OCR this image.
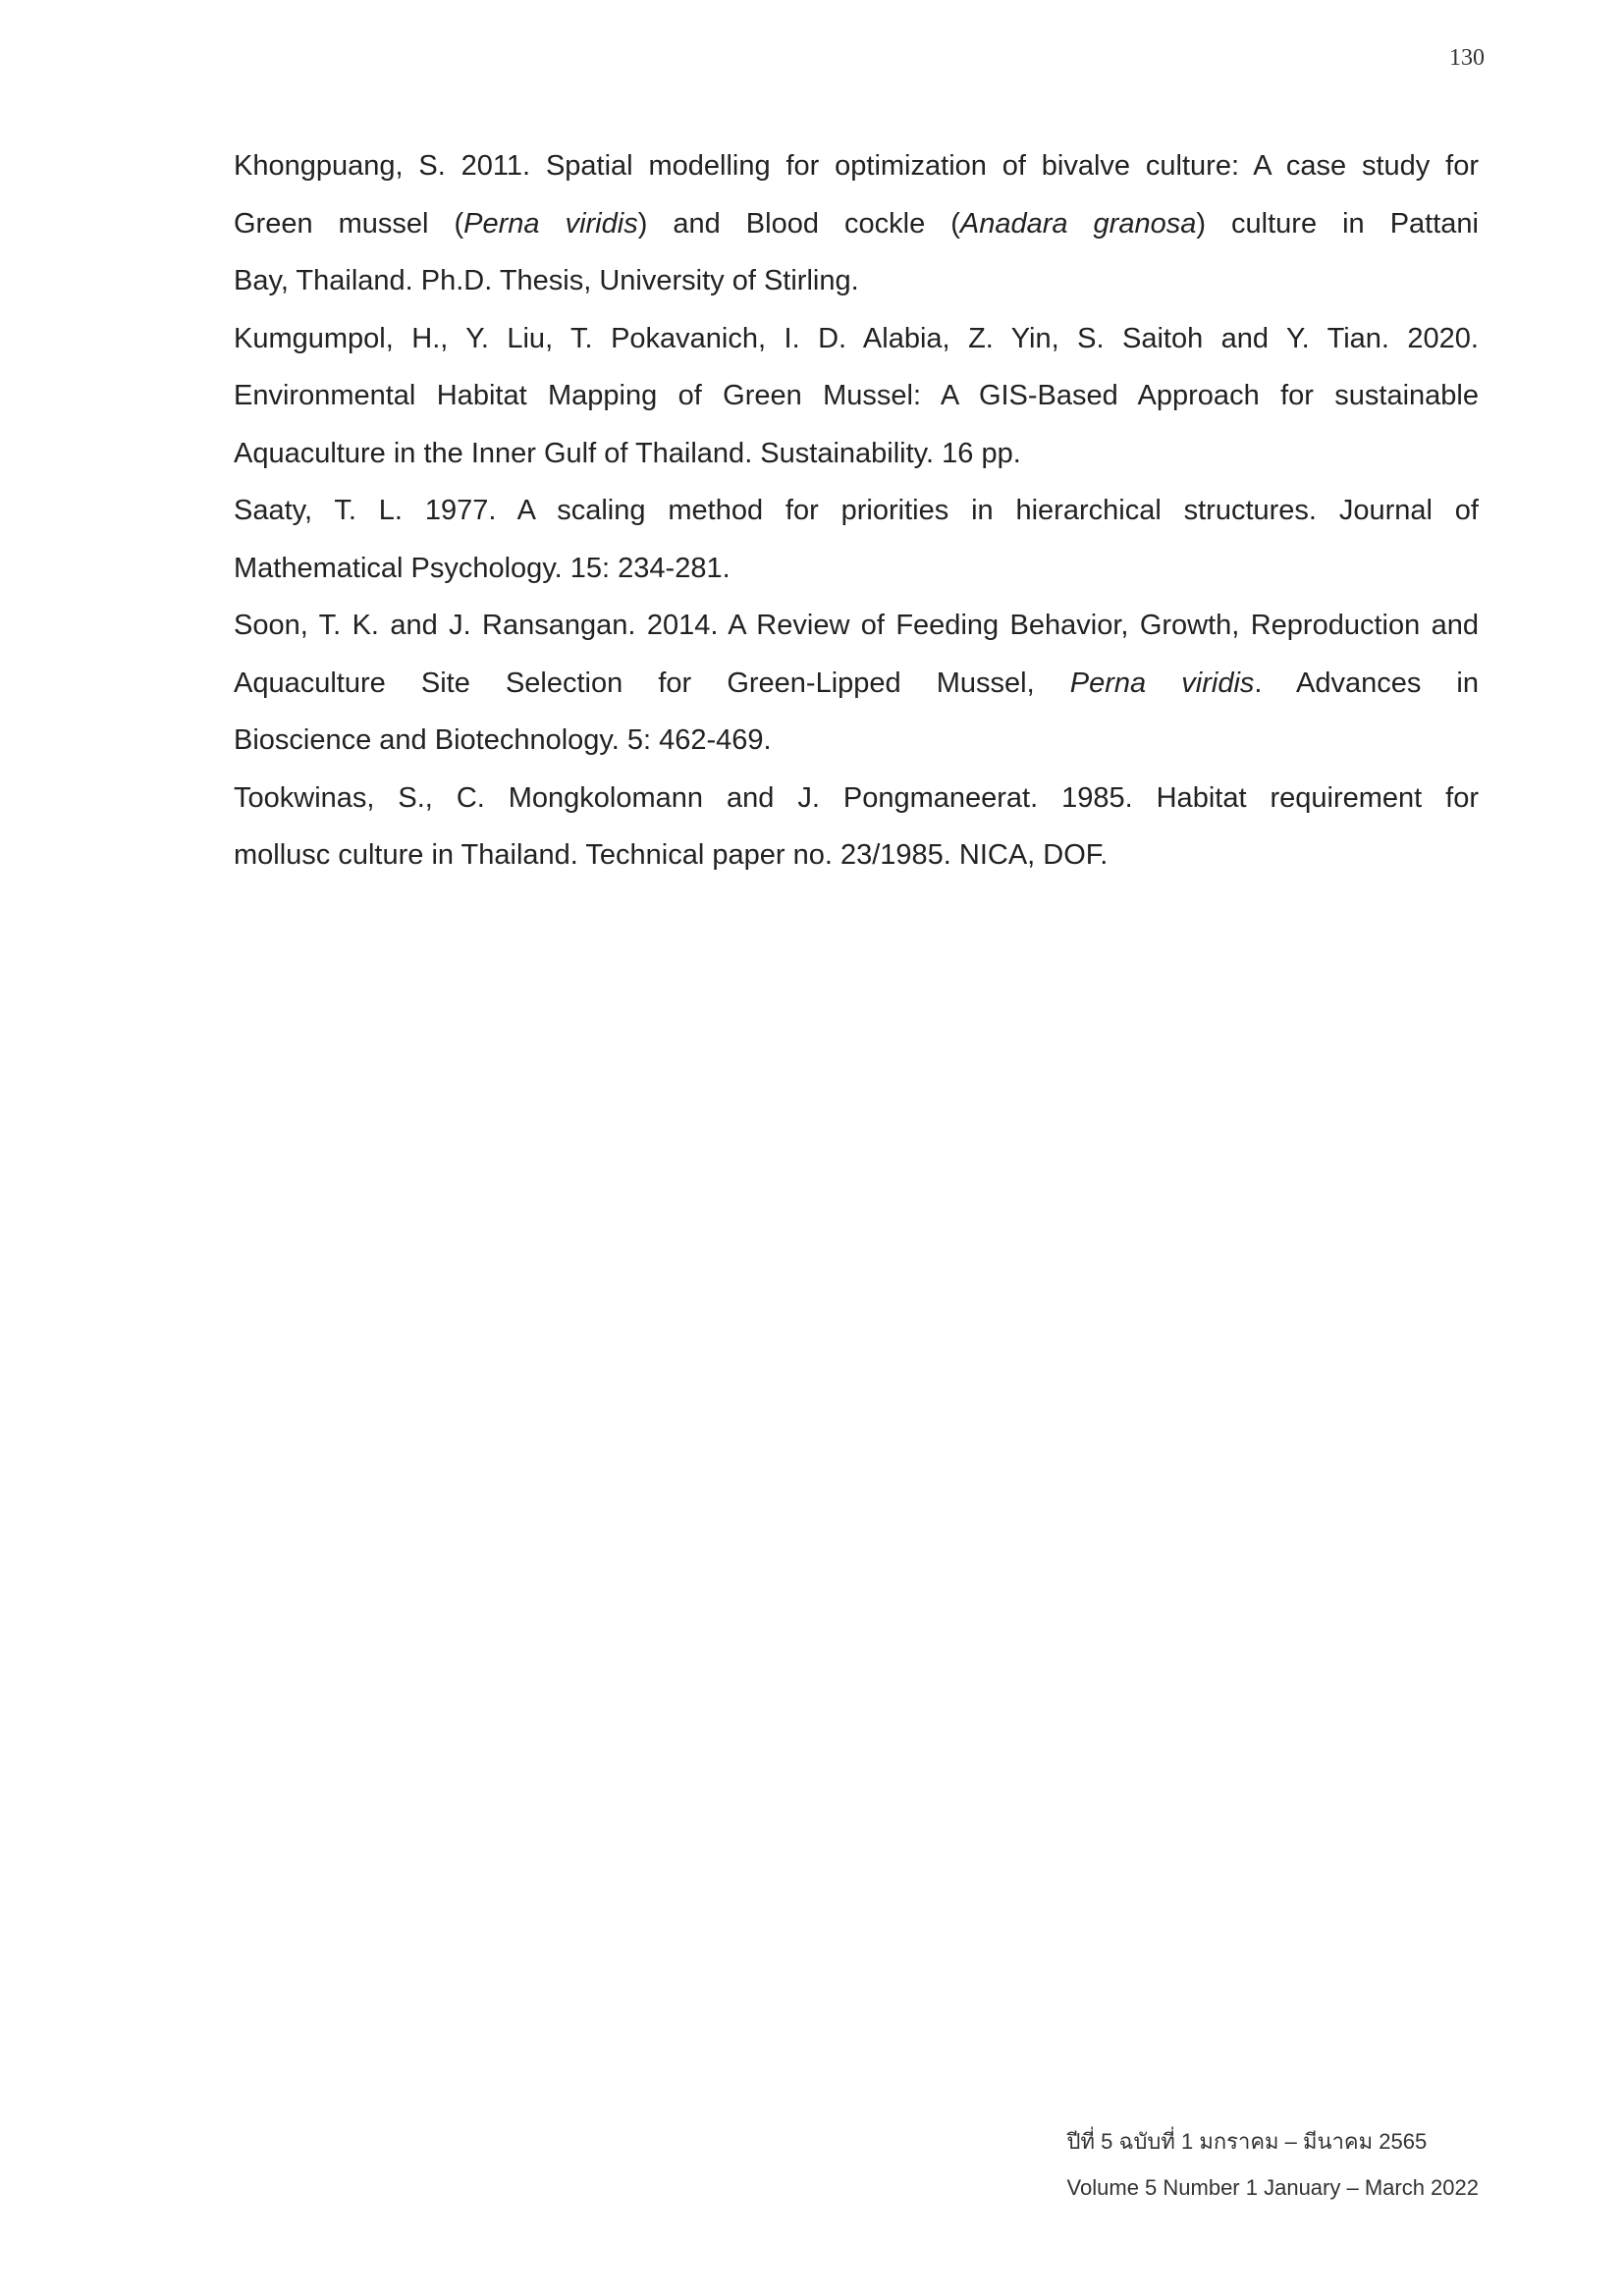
130

Khongpuang, S. 2011. Spatial modelling for optimization of bivalve culture: A case study for
Green mussel (Perna viridis) and Blood cockle (Anadara granosa) culture in Pattani
Bay, Thailand. Ph.D. Thesis, University of Stirling.

Kumgumpol, H., Y. Liu, T. Pokavanich, I. D. Alabia, Z. Yin, S. Saitoh and Y. Tian. 2020.
Environmental Habitat Mapping of Green Mussel: A GIS-Based Approach for sustainable
Aquaculture in the Inner Gulf of Thailand. Sustainability. 16 pp.

Saaty, T. L. 1977. A scaling method for priorities in hierarchical structures. Journal of
Mathematical Psychology. 15: 234-281.

Soon, T. K. and J. Ransangan. 2014. A Review of Feeding Behavior, Growth, Reproduction and
Aquaculture Site Selection for Green-Lipped Mussel, Perna viridis. Advances in
Bioscience and Biotechnology. 5: 462-469.

Tookwinas, S., C. Mongkolomann and J. Pongmaneerat. 1985. Habitat requirement for
mollusc culture in Thailand. Technical paper no. 23/1985. NICA, DOF.

ปีที่ 5 ฉบับที่ 1 มกราคม – มีนาคม 2565
Volume 5 Number 1 January – March 2022
